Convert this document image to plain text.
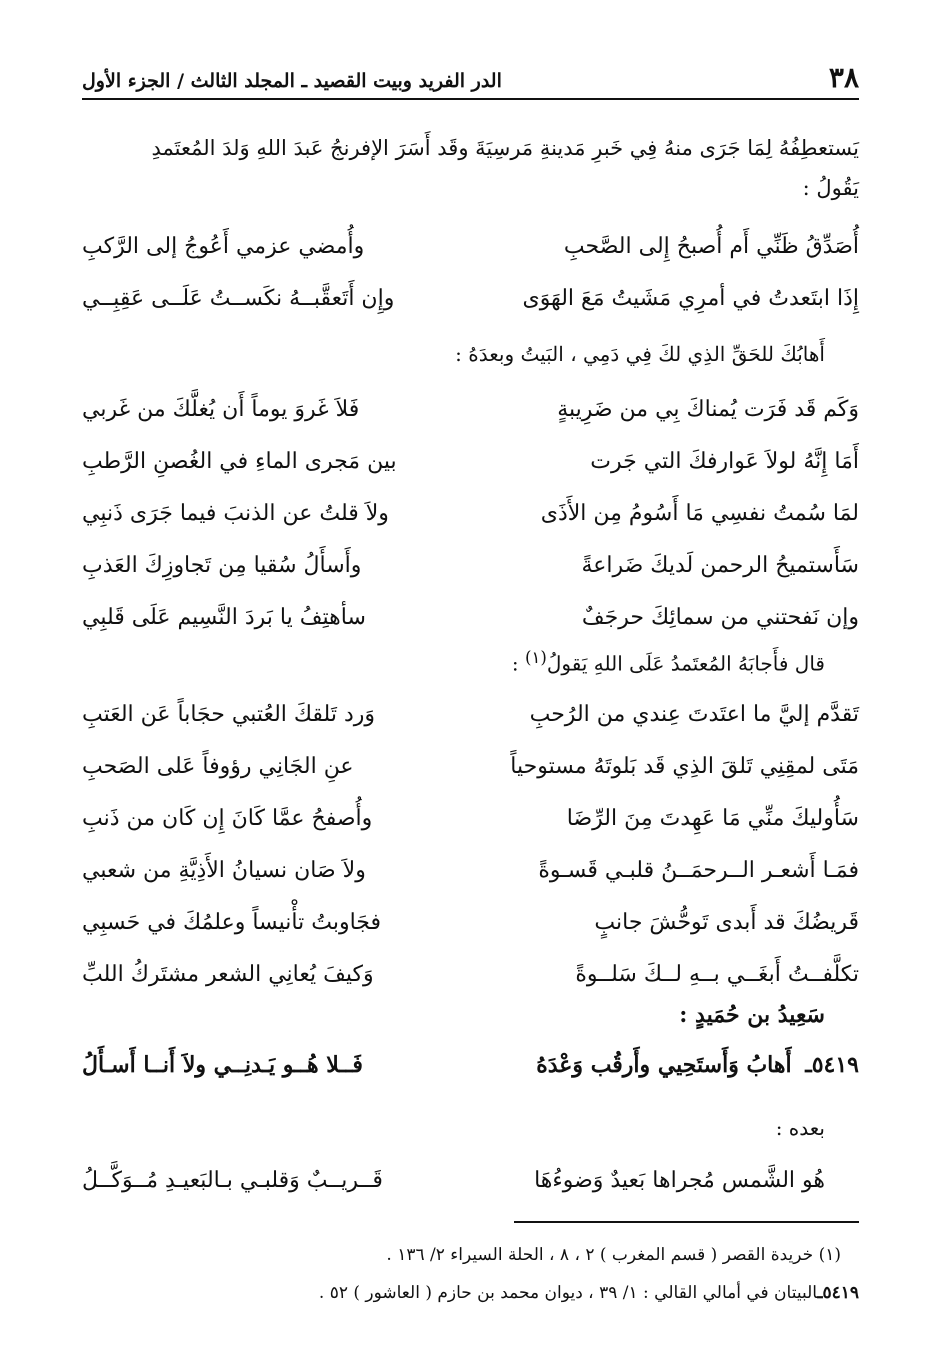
٣٨
الدر الفريد وبيت القصيد ـ المجلد الثالث / الجزء الأول
يَستعطِفُهُ لِمَا جَرَى منهُ فِي خَبرِ مَدينةِ مَرسِيَةَ وقَد أَسَرَ الإفرنجُ عَبدَ اللهِ وَلدَ المُعتَمدِ
يَقُولُ :
أُصَدِّقُ ظَنِّي أَم أُصبحُ إِلى الصَّحبِ
وأُمضي عزمي أَعُوجُ إلى الرَّكبِ
إِذَا ابتَعدتُ في أمرِي مَشَيتُ مَعَ الهَوَى
وإِن أَتَعقَّبــهُ نكَســتُ عَلَــى عَقِبِــي
أَهابُكَ للحَقِّ الذِي لكَ فِي دَمِي ، البَيتُ وبعدَهُ :
وَكَم قَد فَرَت يُمناكَ بِي من ضَرِيبةٍ
فَلاَ غَروَ يوماً أَن يُغلَّكَ من غَربي
أَمَا إِنَّهُ لولاَ عَوارفكَ التي جَرت
بين مَجرى الماءِ في الغُصنِ الرَّطبِ
لمَا سُمتُ نفسِي مَا أَسُومُ مِن الأَذَى
ولاَ قلتُ عن الذنبَ فيما جَرَى ذَنبِي
سَأَستميحُ الرحمن لَديكَ ضَراعةً
وأَسأَلُ سُقيا مِن تَجاوزِكَ العَذبِ
وإن نَفحتني من سمائِكَ حرجَفٌ
سأهتِفُ يا بَردَ النَّسِيم عَلَى قَلبِي
قال فأَجابَهُ المُعتَمدُ عَلَى اللهِ يَقولُ$^{(١)}$ :
تَقدَّم إليَّ ما اعتَدتَ عِندي من الرُحبِ
وَرد تَلقكَ العُتبي حجَاباً عَن العَتبِ
مَتَى لمقِنِي تَلقَ الذِي قَد بَلوتَهُ مستوحياً
عنِ الجَانِي رؤوفاً عَلى الصَحبِ
سَأُوليكَ منِّي مَا عَهِدتَ مِنَ الرِّضَا
وأُصفحُ عمَّا كَانَ إِن كَان من ذَنبِ
فمَـا أَشعـر الــرحمَــنُ قلبـي قَسـوةً
ولاَ صَان نسيانُ الأَذِيَّةِ من شعبي
قَريضُكَ قد أَبدى تَوحُّشَ جانبٍ
فجَاوبتُ تأْنيساً وعلمُكَ في حَسبِي
تكلَّفــتُ أَبغَــي بــهِ لــكَ سَلــوةً
وَكيفَ يُعانِي الشعر مشتَركُ اللبِّ
سَعِيدُ بن حُمَيدٍ :
٥٤١٩ـ أَهابُ وَأَستَحِيي وأَرقُب وَعْدَهُ
فَــلا هُــو يَـدنِــي ولاَ أَنــا أَسـأَلُ
بعده :
هُو الشَّمس مُجراها بَعيدٌ وَضوءُهَا
قَــريــبٌ وَقلبـي بـالبَعيـدِ مُــوَكَّــلُ
(١) خريدة القصر ( قسم المغرب ) ٢ ، ٨ ، الحلة السيراء ٢/ ١٣٦ .
٥٤١٩ـالبيتان في أمالي القالي : ١/ ٣٩ ، ديوان محمد بن حازم ( العاشور ) ٥٢ .
